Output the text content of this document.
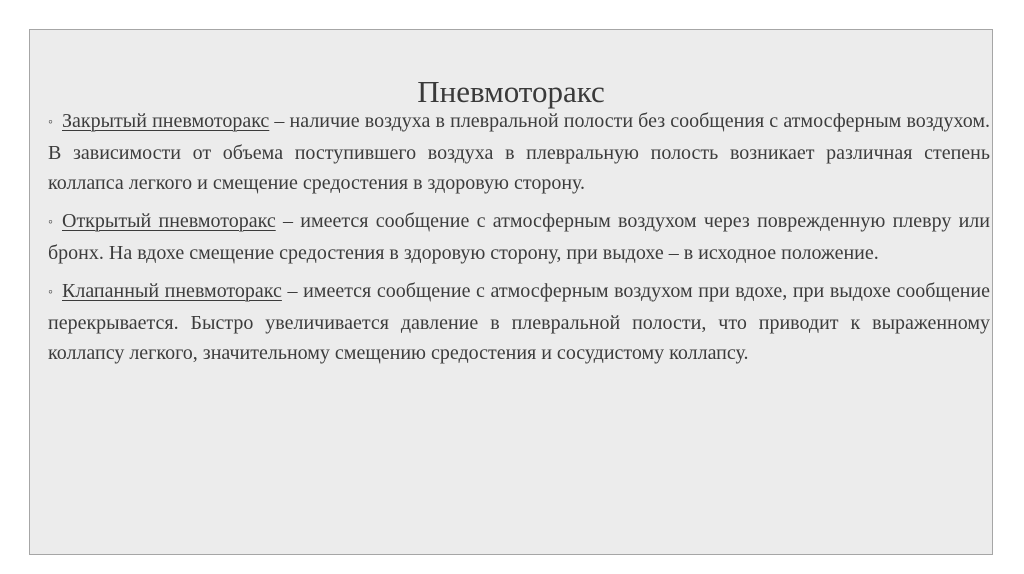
Пневмоторакс

◦ Закрытый пневмоторакс – наличие воздуха в плевральной полости без сообщения с атмосферным воздухом. В зависимости от объема поступившего воздуха в плевральную полость возникает различная степень коллапса легкого и смещение средостения в здоровую сторону.

◦ Открытый пневмоторакс – имеется сообщение с атмосферным воздухом через поврежденную плевру или бронх. На вдохе смещение средостения в здоровую сторону, при выдохе – в исходное положение.

◦ Клапанный пневмоторакс – имеется сообщение с атмосферным воздухом при вдохе, при выдохе сообщение перекрывается. Быстро увеличивается давление в плевральной полости, что приводит к выраженному коллапсу легкого, значительному смещению средостения и сосудистому коллапсу.
